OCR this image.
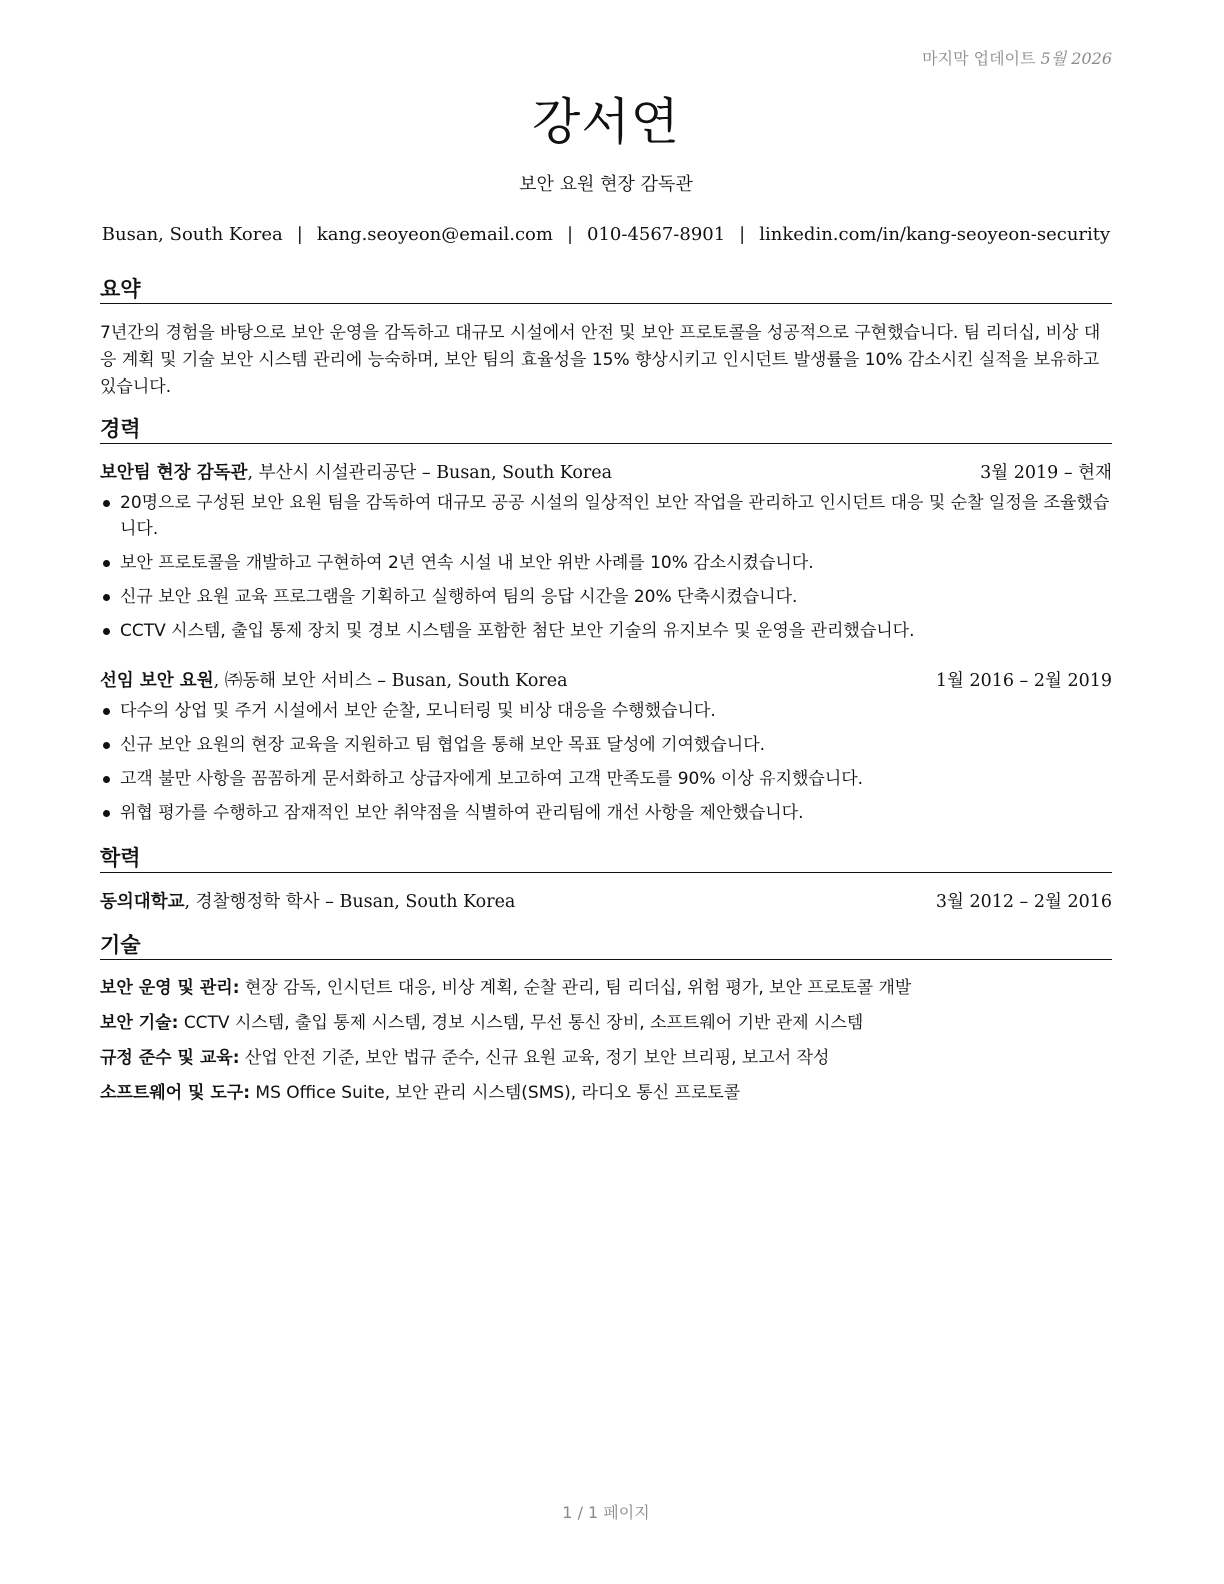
마지막 업데이트 5월 2026
강서연
보안 요원 현장 감독관
Busan, South Korea | kang.seoyeon@email.com | 010-4567-8901 | linkedin.com/in/kang-seoyeon-security
요약
7년간의 경험을 바탕으로 보안 운영을 감독하고 대규모 시설에서 안전 및 보안 프로토콜을 성공적으로 구현했습니다. 팀 리더십, 비상 대응 계획 및 기술 보안 시스템 관리에 능숙하며, 보안 팀의 효율성을 15% 향상시키고 인시던트 발생률을 10% 감소시킨 실적을 보유하고 있습니다.
경력
보안팀 현장 감독관, 부산시 시설관리공단 – Busan, South Korea	3월 2019 – 현재
20명으로 구성된 보안 요원 팀을 감독하여 대규모 공공 시설의 일상적인 보안 작업을 관리하고 인시던트 대응 및 순찰 일정을 조율했습니다.
보안 프로토콜을 개발하고 구현하여 2년 연속 시설 내 보안 위반 사례를 10% 감소시켰습니다.
신규 보안 요원 교육 프로그램을 기획하고 실행하여 팀의 응답 시간을 20% 단축시켰습니다.
CCTV 시스템, 출입 통제 장치 및 경보 시스템을 포함한 첨단 보안 기술의 유지보수 및 운영을 관리했습니다.
선임 보안 요원, ㈜동해 보안 서비스 – Busan, South Korea	1월 2016 – 2월 2019
다수의 상업 및 주거 시설에서 보안 순찰, 모니터링 및 비상 대응을 수행했습니다.
신규 보안 요원의 현장 교육을 지원하고 팀 협업을 통해 보안 목표 달성에 기여했습니다.
고객 불만 사항을 꼼꼼하게 문서화하고 상급자에게 보고하여 고객 만족도를 90% 이상 유지했습니다.
위협 평가를 수행하고 잠재적인 보안 취약점을 식별하여 관리팀에 개선 사항을 제안했습니다.
학력
동의대학교, 경찰행정학 학사 – Busan, South Korea	3월 2012 – 2월 2016
기술
보안 운영 및 관리: 현장 감독, 인시던트 대응, 비상 계획, 순찰 관리, 팀 리더십, 위험 평가, 보안 프로토콜 개발
보안 기술: CCTV 시스템, 출입 통제 시스템, 경보 시스템, 무선 통신 장비, 소프트웨어 기반 관제 시스템
규정 준수 및 교육: 산업 안전 기준, 보안 법규 준수, 신규 요원 교육, 정기 보안 브리핑, 보고서 작성
소프트웨어 및 도구: MS Office Suite, 보안 관리 시스템(SMS), 라디오 통신 프로토콜
1 / 1 페이지
